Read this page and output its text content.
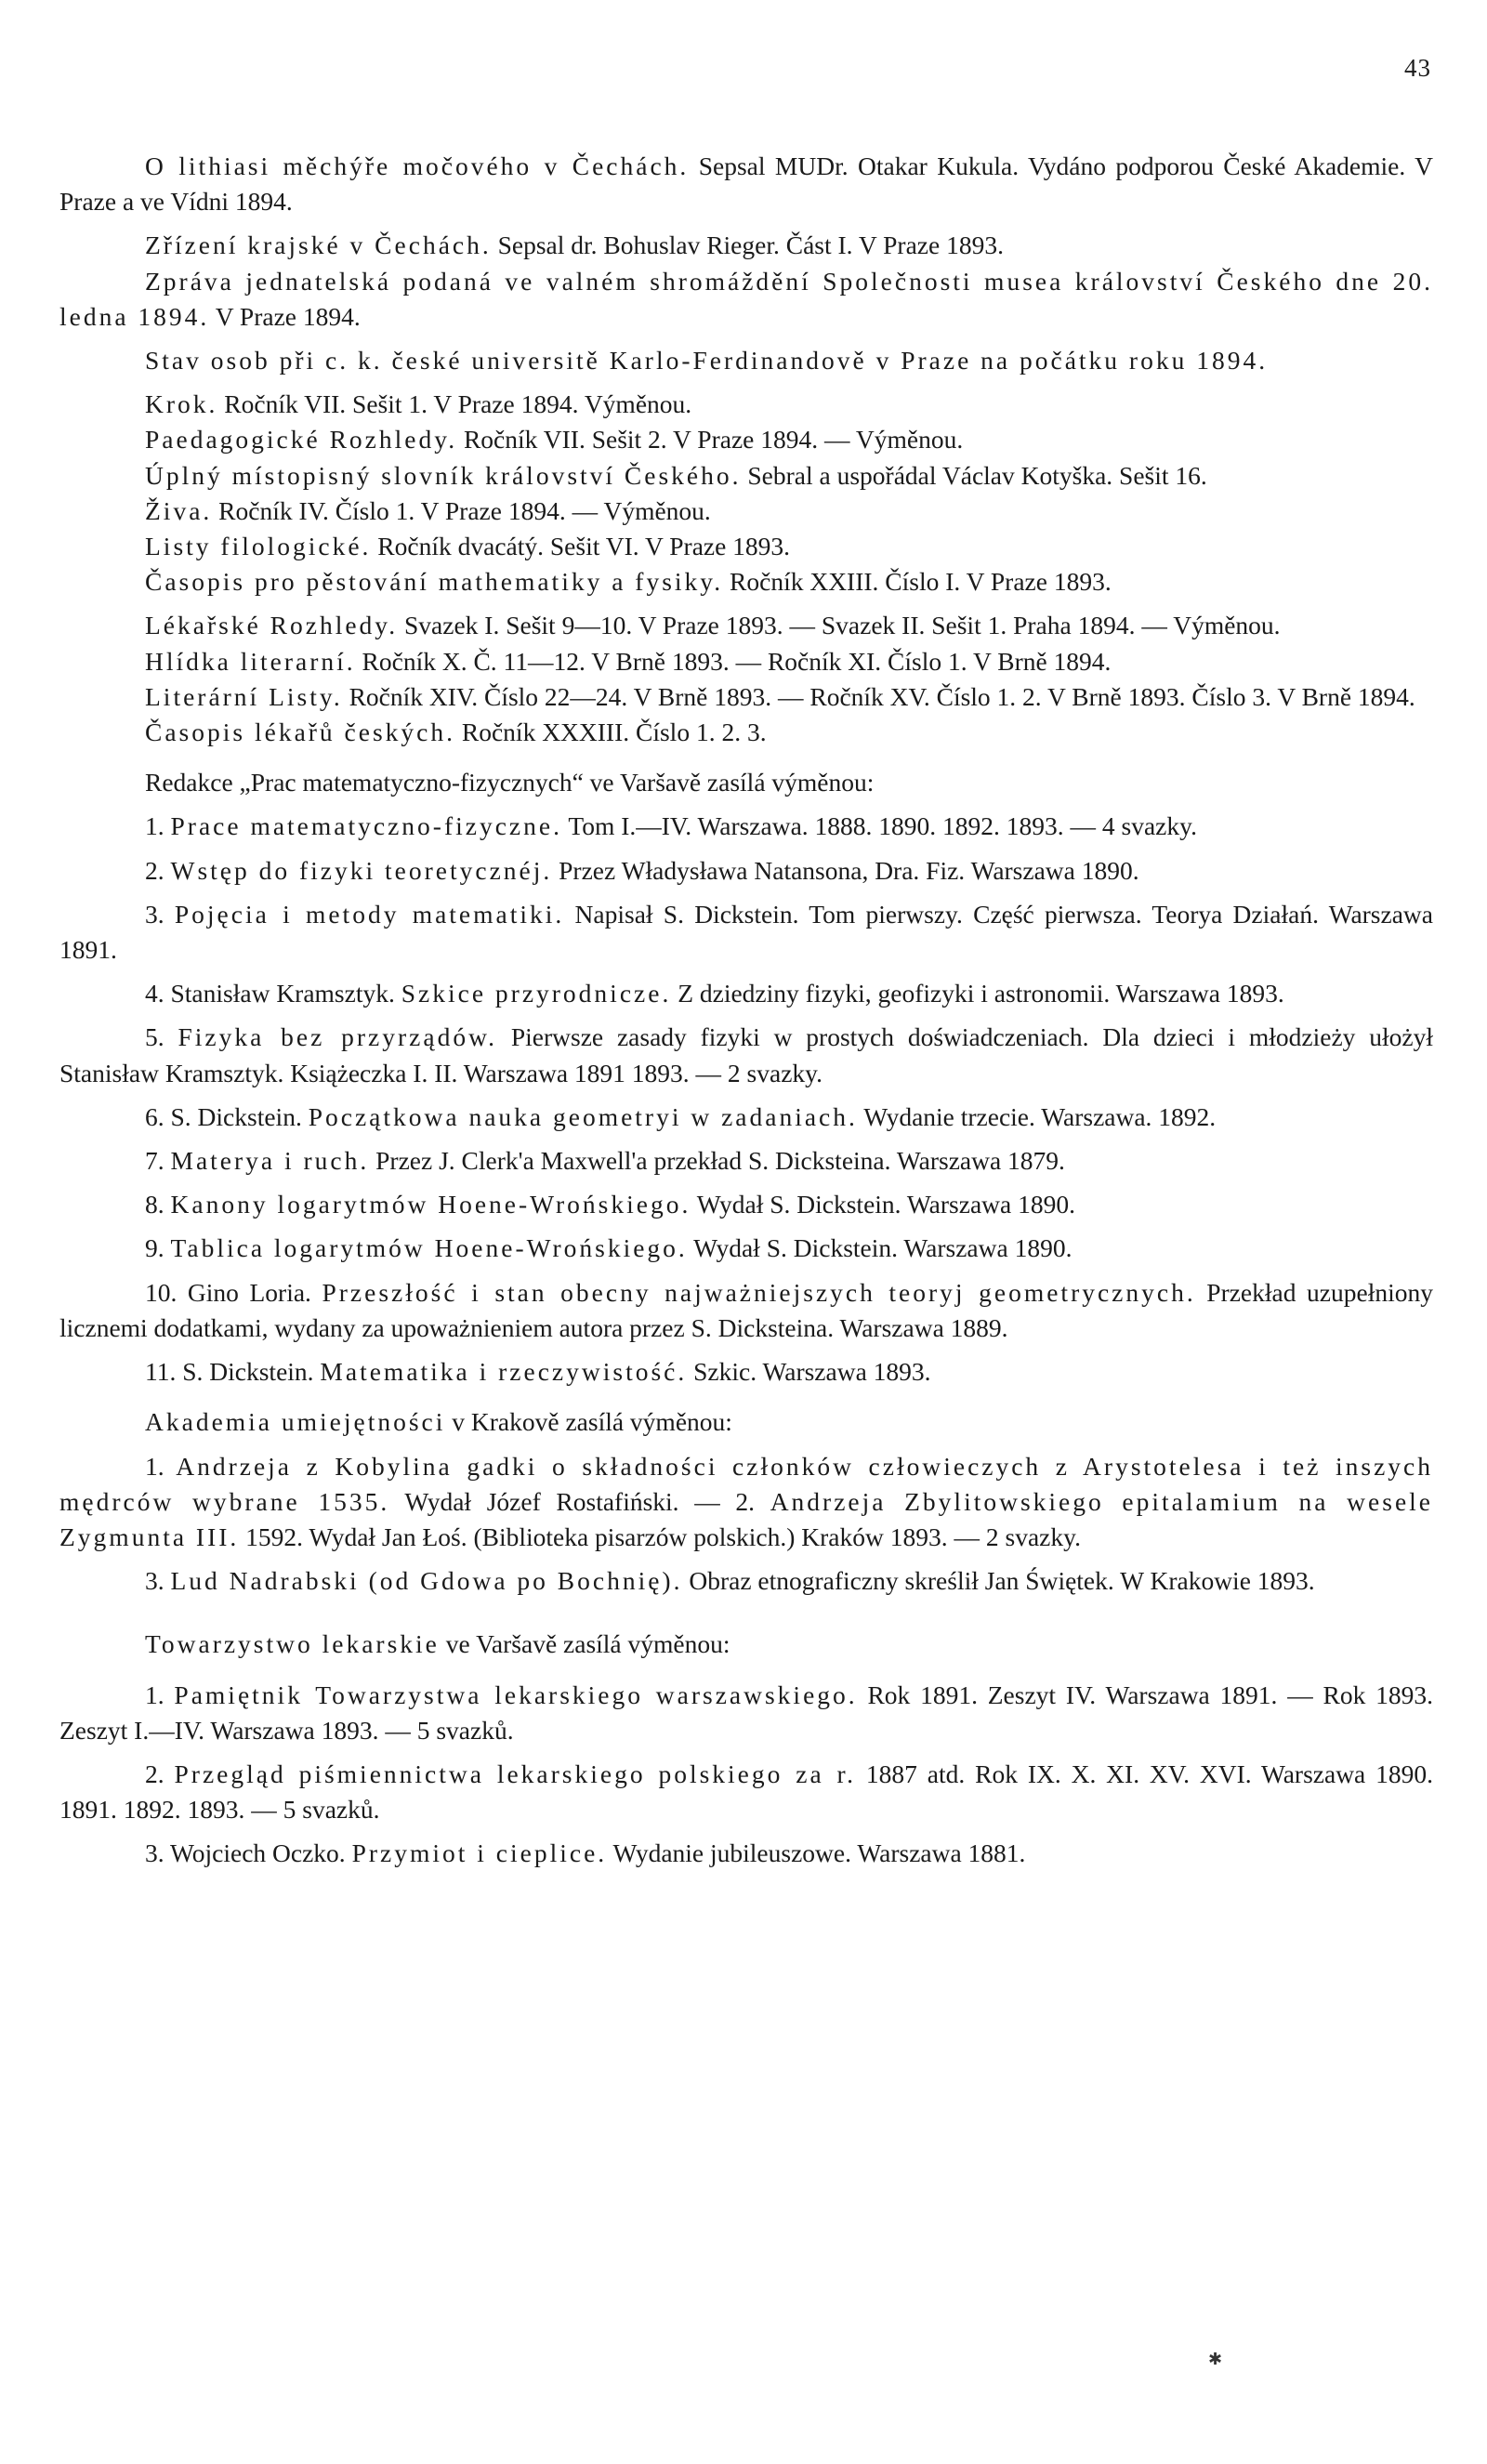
43

O lithiasi měchýře močového v Čechách. Sepsal MUDr. Otakar Kukula. Vydáno podporou České Akademie. V Praze a ve Vídni 1894.

Zřízení krajské v Čechách. Sepsal dr. Bohuslav Rieger. Část I. V Praze 1893.

Zpráva jednatelská podaná ve valném shromáždění Společnosti musea království Českého dne 20. ledna 1894. V Praze 1894.

Stav osob při c. k. české universitě Karlo-Ferdinandově v Praze na počátku roku 1894.

Krok. Ročník VII. Sešit 1. V Praze 1894. Výměnou.

Paedagogické Rozhledy. Ročník VII. Sešit 2. V Praze 1894. — Výměnou.

Úplný místopisný slovník království Českého. Sebral a uspořádal Václav Kotyška. Sešit 16.

Živa. Ročník IV. Číslo 1. V Praze 1894. — Výměnou.

Listy filologické. Ročník dvacátý. Sešit VI. V Praze 1893.

Časopis pro pěstování mathematiky a fysiky. Ročník XXIII. Číslo I. V Praze 1893.

Lékařské Rozhledy. Svazek I. Sešit 9—10. V Praze 1893. — Svazek II. Sešit 1. Praha 1894. — Výměnou.

Hlídka literarní. Ročník X. Č. 11—12. V Brně 1893. — Ročník XI. Číslo 1. V Brně 1894.

Literární Listy. Ročník XIV. Číslo 22—24. V Brně 1893. — Ročník XV. Číslo 1. 2. V Brně 1893. Číslo 3. V Brně 1894.

Časopis lékařů českých. Ročník XXXIII. Číslo 1. 2. 3.

Redakce „Prac matematyczno-fizycznych“ ve Varšavě zasílá výměnou:

1. Prace matematyczno-fizyczne. Tom I.—IV. Warszawa. 1888. 1890. 1892. 1893. — 4 svazky.

2. Wstęp do fizyki teoretycznéj. Przez Władysława Natansona, Dra. Fiz. Warszawa 1890.

3. Pojęcia i metody matematiki. Napisał S. Dickstein. Tom pierwszy. Część pierwsza. Teorya Działań. Warszawa 1891.

4. Stanisław Kramsztyk. Szkice przyrodnicze. Z dziedziny fizyki, geofizyki i astronomii. Warszawa 1893.

5. Fizyka bez przyrządów. Pierwsze zasady fizyki w prostych doświadczeniach. Dla dzieci i młodzieży ułożył Stanisław Kramsztyk. Książeczka I. II. Warszawa 1891 1893. — 2 svazky.

6. S. Dickstein. Początkowa nauka geometryi w zadaniach. Wydanie trzecie. Warszawa. 1892.

7. Materya i ruch. Przez J. Clerk'a Maxwell'a przekład S. Dicksteina. Warszawa 1879.

8. Kanony logarytmów Hoene-Wrońskiego. Wydał S. Dickstein. Warszawa 1890.

9. Tablica logarytmów Hoene-Wrońskiego. Wydał S. Dickstein. Warszawa 1890.

10. Gino Loria. Przeszłość i stan obecny najważniejszych teoryj geometrycznych. Przekład uzupełniony licznemi dodatkami, wydany za upoważnieniem autora przez S. Dicksteina. Warszawa 1889.

11. S. Dickstein. Matematika i rzeczywistość. Szkic. Warszawa 1893.

Akademia umiejętności v Krakově zasílá výměnou:

1. Andrzeja z Kobylina gadki o składności członków człowieczych z Arystotelesa i też inszych mędrców wybrane 1535. Wydał Józef Rostafiński. — 2. Andrzeja Zbylitowskiego epitalamium na wesele Zygmunta III. 1592. Wydał Jan Łoś. (Biblioteka pisarzów polskich.) Kraków 1893. — 2 svazky.

3. Lud Nadrabski (od Gdowa po Bochnię). Obraz etnograficzny skreślił Jan Świętek. W Krakowie 1893.

Towarzystwo lekarskie ve Varšavě zasílá výměnou:

1. Pamiętnik Towarzystwa lekarskiego warszawskiego. Rok 1891. Zeszyt IV. Warszawa 1891. — Rok 1893. Zeszyt I.—IV. Warszawa 1893. — 5 svazků.

2. Przegląd piśmiennictwa lekarskiego polskiego za r. 1887 atd. Rok IX. X. XI. XV. XVI. Warszawa 1890. 1891. 1892. 1893. — 5 svazků.

3. Wojciech Oczko. Przymiot i cieplice. Wydanie jubileuszowe. Warszawa 1881.

✱
